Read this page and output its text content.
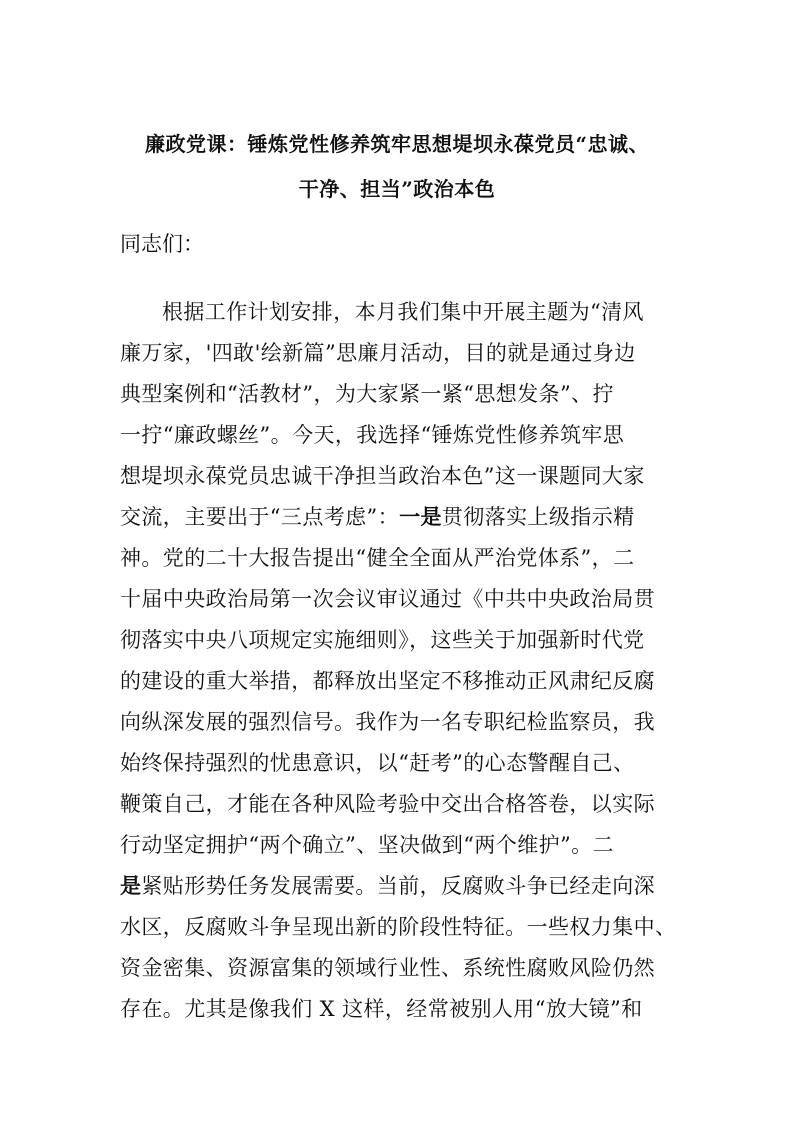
廉政党课：锤炼党性修养筑牢思想堤坝永葆党员“忠诚、
干净、担当”政治本色
同志们：
根据工作计划安排，本月我们集中开展主题为“清风
廉万家，'四敢'绘新篇”思廉月活动，目的就是通过身边
典型案例和“活教材”，为大家紧一紧“思想发条”、拧
一拧“廉政螺丝”。今天，我选择“锤炼党性修养筑牢思
想堤坝永葆党员忠诚干净担当政治本色”这一课题同大家
交流，主要出于“三点考虑”：一是贯彻落实上级指示精
神。党的二十大报告提出“健全全面从严治党体系”，二
十届中央政治局第一次会议审议通过《中共中央政治局贯
彻落实中央八项规定实施细则》，这些关于加强新时代党
的建设的重大举措，都释放出坚定不移推动正风肃纪反腐
向纵深发展的强烈信号。我作为一名专职纪检监察员，我
始终保持强烈的忧患意识，以“赶考”的心态警醒自己、
鞭策自己，才能在各种风险考验中交出合格答卷，以实际
行动坚定拥护“两个确立”、坚决做到“两个维护”。二
是紧贴形势任务发展需要。当前，反腐败斗争已经走向深
水区，反腐败斗争呈现出新的阶段性特征。一些权力集中、
资金密集、资源富集的领域行业性、系统性腐败风险仍然
存在。尤其是像我们 X 这样，经常被别人用“放大镜”和
